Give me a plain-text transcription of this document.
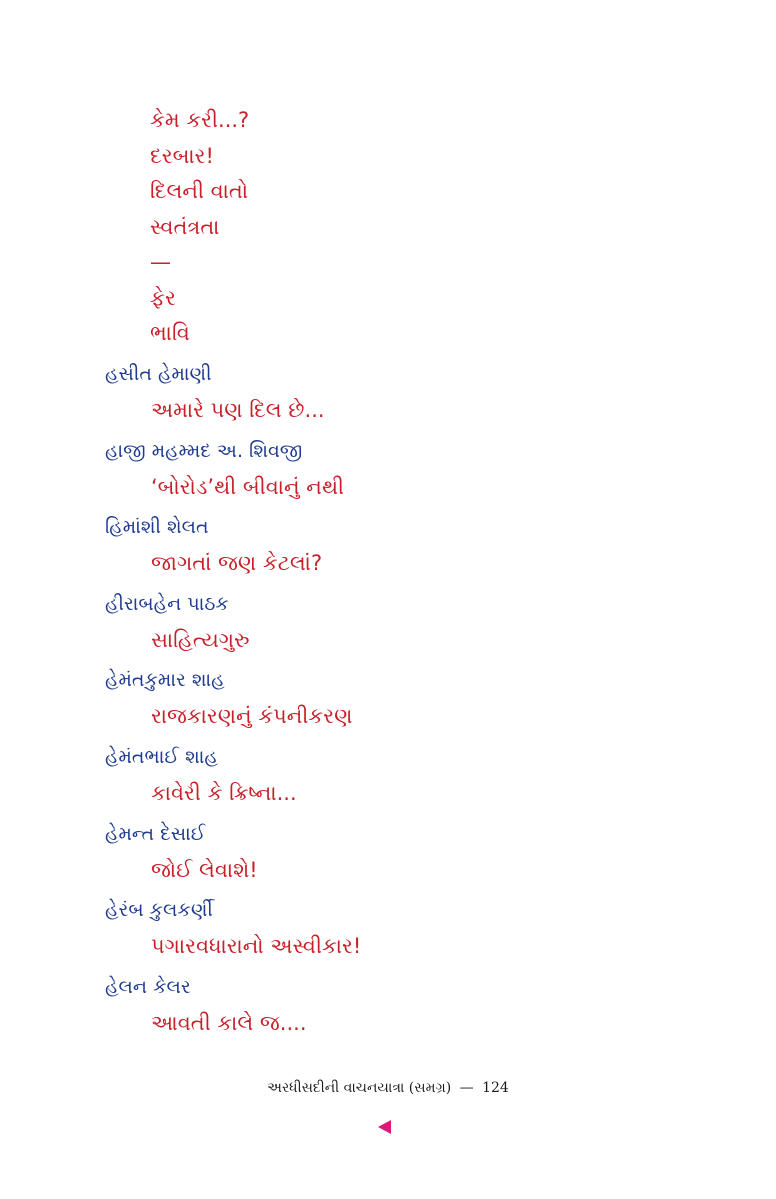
કેમ કરી...?
દરબાર!
દિલની વાતો
સ્વતંત્રતા
—
ફેર
ભાવિ
હસીત હેમાણી
અમારે પણ દિલ છે...
હાજી મહમ્મદ અ. શિવજી
‘બોરોડ’થી બીવાનું નથી
હિમાંશી શેલત
જાગતાં જણ કેટલાં?
હીરાબહેન પાઠક
સાહિત્યગુરુ
હેમંતકુમાર શાહ
રાજકારણનું કંપનીકરણ
હેમંતભાઈ શાહ
કાવેરી કે ક્રિષ્ના...
હેમન્ત દેસાઈ
જોઈ લેવાશે!
હેરંબ કુલકર્ણી
પગારવધારાનો અસ્વીકાર!
હેલન કેલર
આવતી કાલે જ....
અરધીસદીની વાચનયાત્રા (સમગ્ર) — 124
